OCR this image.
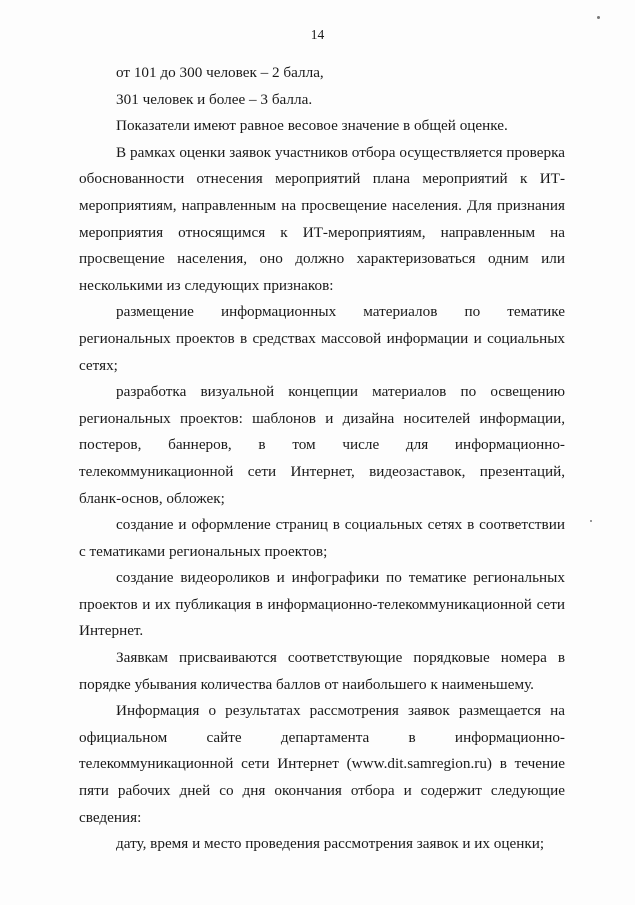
14

от 101 до 300 человек – 2 балла,

301 человек и более – 3 балла.

Показатели имеют равное весовое значение в общей оценке.

В рамках оценки заявок участников отбора осуществляется проверка обоснованности отнесения мероприятий плана мероприятий к ИТ-мероприятиям, направленным на просвещение населения. Для признания мероприятия относящимся к ИТ-мероприятиям, направленным на просвещение населения, оно должно характеризоваться одним или несколькими из следующих признаков:

размещение информационных материалов по тематике региональных проектов в средствах массовой информации и социальных сетях;

разработка визуальной концепции материалов по освещению региональных проектов: шаблонов и дизайна носителей информации, постеров, баннеров, в том числе для информационно-телекоммуникационной сети Интернет, видеозаставок, презентаций, бланк-основ, обложек;

создание и оформление страниц в социальных сетях в соответствии с тематиками региональных проектов;

создание видеороликов и инфографики по тематике региональных проектов и их публикация в информационно-телекоммуникационной сети Интернет.

Заявкам присваиваются соответствующие порядковые номера в порядке убывания количества баллов от наибольшего к наименьшему.

Информация о результатах рассмотрения заявок размещается на официальном сайте департамента в информационно-телекоммуникационной сети Интернет (www.dit.samregion.ru) в течение пяти рабочих дней со дня окончания отбора и содержит следующие сведения:

дату, время и место проведения рассмотрения заявок и их оценки;
